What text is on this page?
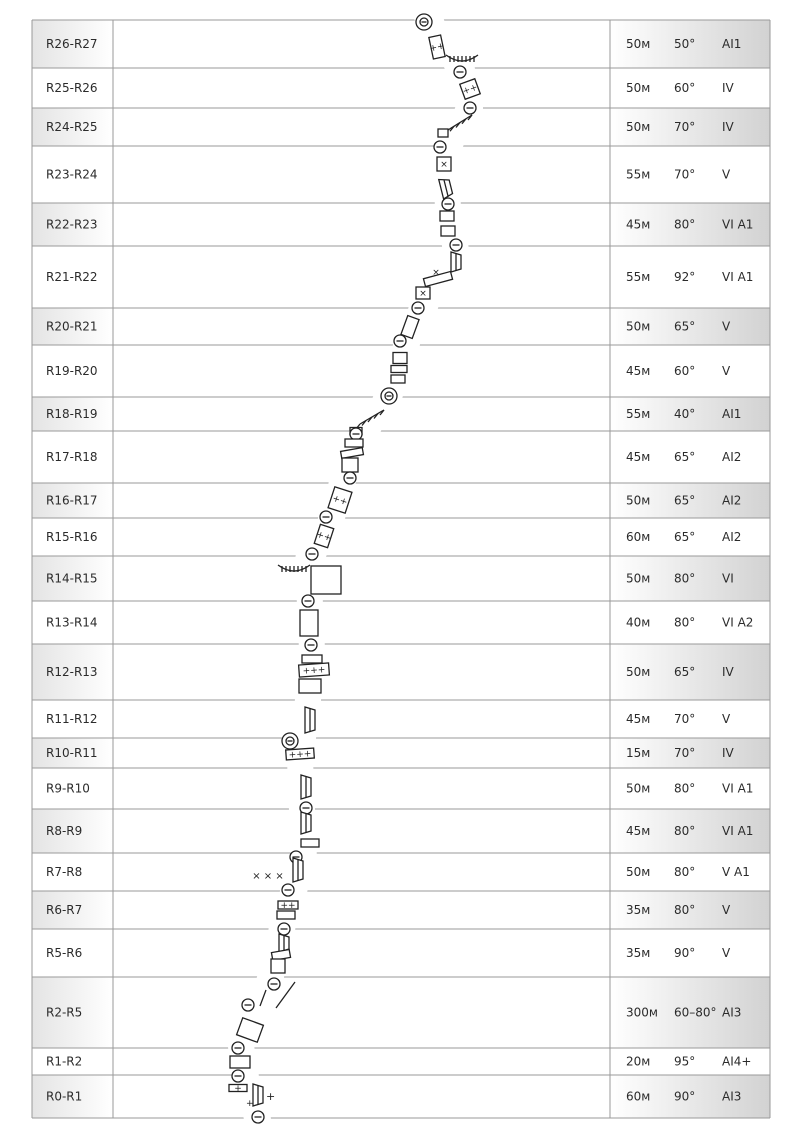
R26-R27	50м 50° AI1
R25-R26	50м 60° IV
R24-R25	50м 70° IV
R23-R24	55м 70° V
R22-R23	45м 80° VI A1
R21-R22	55м 92° VI A1
R20-R21	50м 65° V
R19-R20	45м 60° V
R18-R19	55м 40° AI1
R17-R18	45м 65° AI2
R16-R17	50м 65° AI2
R15-R16	60м 65° AI2
R14-R15	50м 80° VI
R13-R14	40м 80° VI A2
R12-R13	50м 65° IV
R11-R12	45м 70° V
R10-R11	15м 70° IV
R9-R10	50м 80° VI A1
R8-R9	45м 80° VI A1
R7-R8	50м 80° V A1
R6-R7	35м 80° V
R5-R6	35м 90° V
R2-R5	300м 60–80° AI3
R1-R2	20м 95° AI4+
R0-R1	60м 90° AI3
++
++
×
×
×
++
++
+++
+++
× × ×
++
+
+
+
